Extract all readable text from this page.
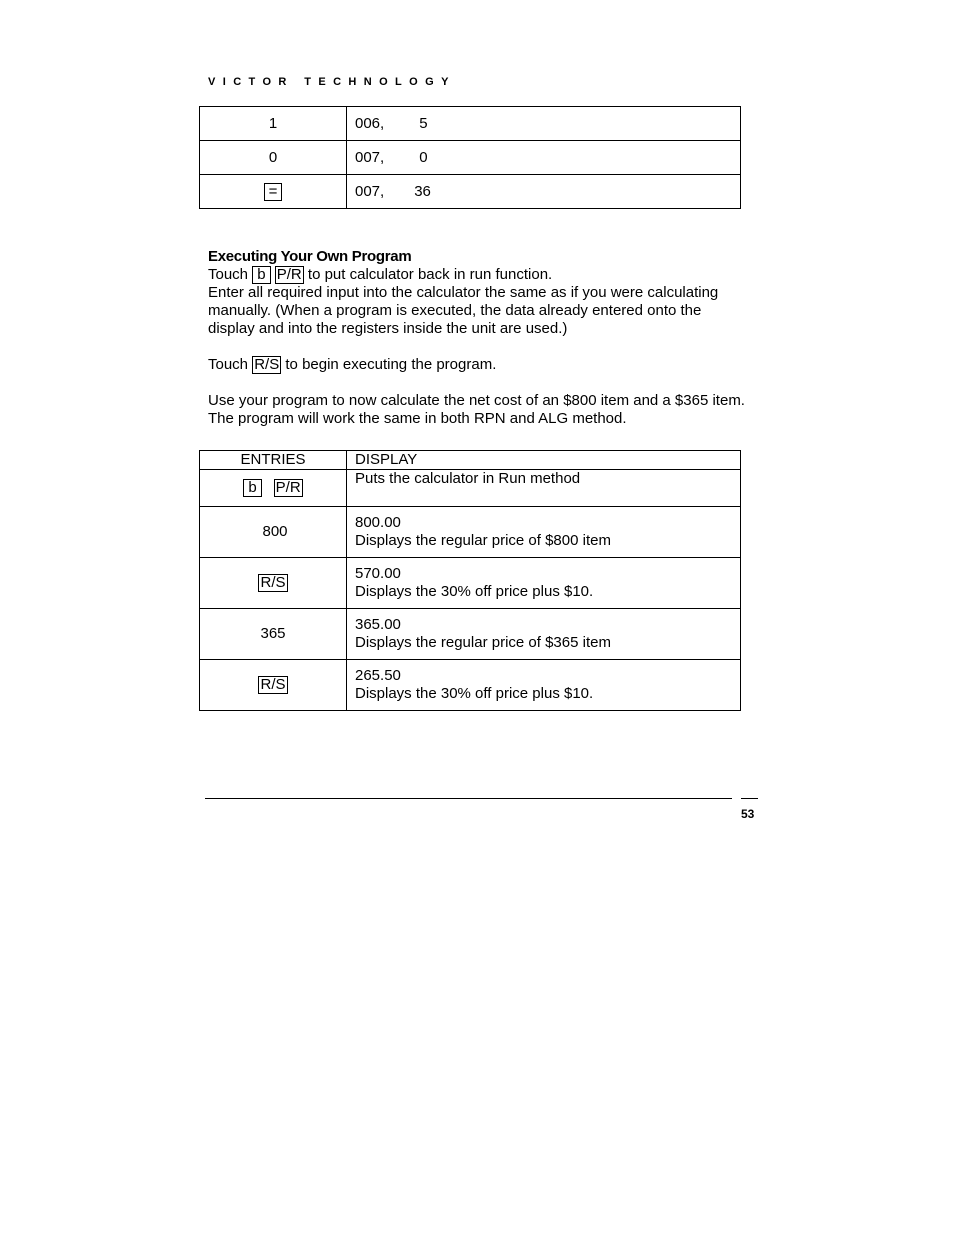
VICTOR TECHNOLOGY
1	006, 5
0	007, 0
=	007, 36
Executing Your Own Program

Touch b P/R to put calculator back in run function.

Enter all required input into the calculator the same as if you were calculating manually. (When a program is executed, the data already entered onto the display and into the registers inside the unit are used.)

Touch R/S to begin executing the program.

Use your program to now calculate the net cost of an $800 item and a $365 item. The program will work the same in both RPN and ALG method.

ENTRIES	DISPLAY
b P/R	Puts the calculator in Run method
800	800.00
Displays the regular price of $800 item

R/S	570.00
Displays the 30% off price plus $10.

365	365.00
Displays the regular price of $365 item

R/S	265.50
Displays the 30% off price plus $10.
53
